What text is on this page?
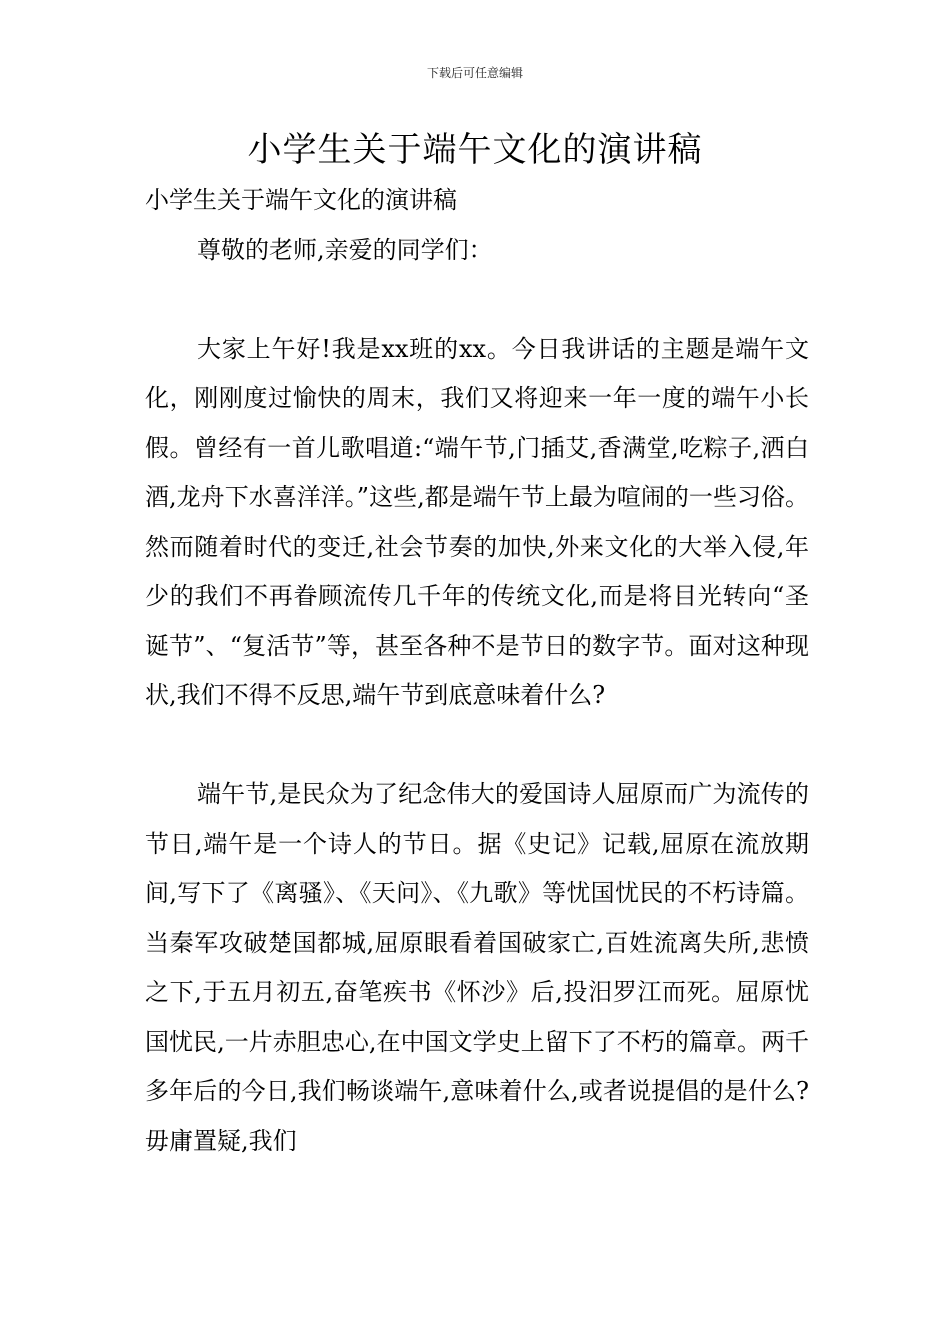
下载后可任意编辑
小学生关于端午文化的演讲稿

小学生关于端午文化的演讲稿

尊敬的老师,亲爱的同学们：

大家上午好!我是xx班的xx。今日我讲话的主题是端午文化，刚刚度过愉快的周末，我们又将迎来一年一度的端午小长假。曾经有一首儿歌唱道:“端午节,门插艾,香满堂,吃粽子,洒白酒,龙舟下水喜洋洋。”这些,都是端午节上最为喧闹的一些习俗。然而随着时代的变迁,社会节奏的加快,外来文化的大举入侵,年少的我们不再眷顾流传几千年的传统文化,而是将目光转向“圣诞节”、“复活节”等，甚至各种不是节日的数字节。面对这种现状,我们不得不反思,端午节到底意味着什么?

端午节,是民众为了纪念伟大的爱国诗人屈原而广为流传的节日,端午是一个诗人的节日。据《史记》记载,屈原在流放期间,写下了《离骚》、《天问》、《九歌》等忧国忧民的不朽诗篇。当秦军攻破楚国都城,屈原眼看着国破家亡,百姓流离失所,悲愤之下,于五月初五,奋笔疾书《怀沙》后,投汨罗江而死。屈原忧国忧民,一片赤胆忠心,在中国文学史上留下了不朽的篇章。两千多年后的今日,我们畅谈端午,意味着什么,或者说提倡的是什么?毋庸置疑,我们
